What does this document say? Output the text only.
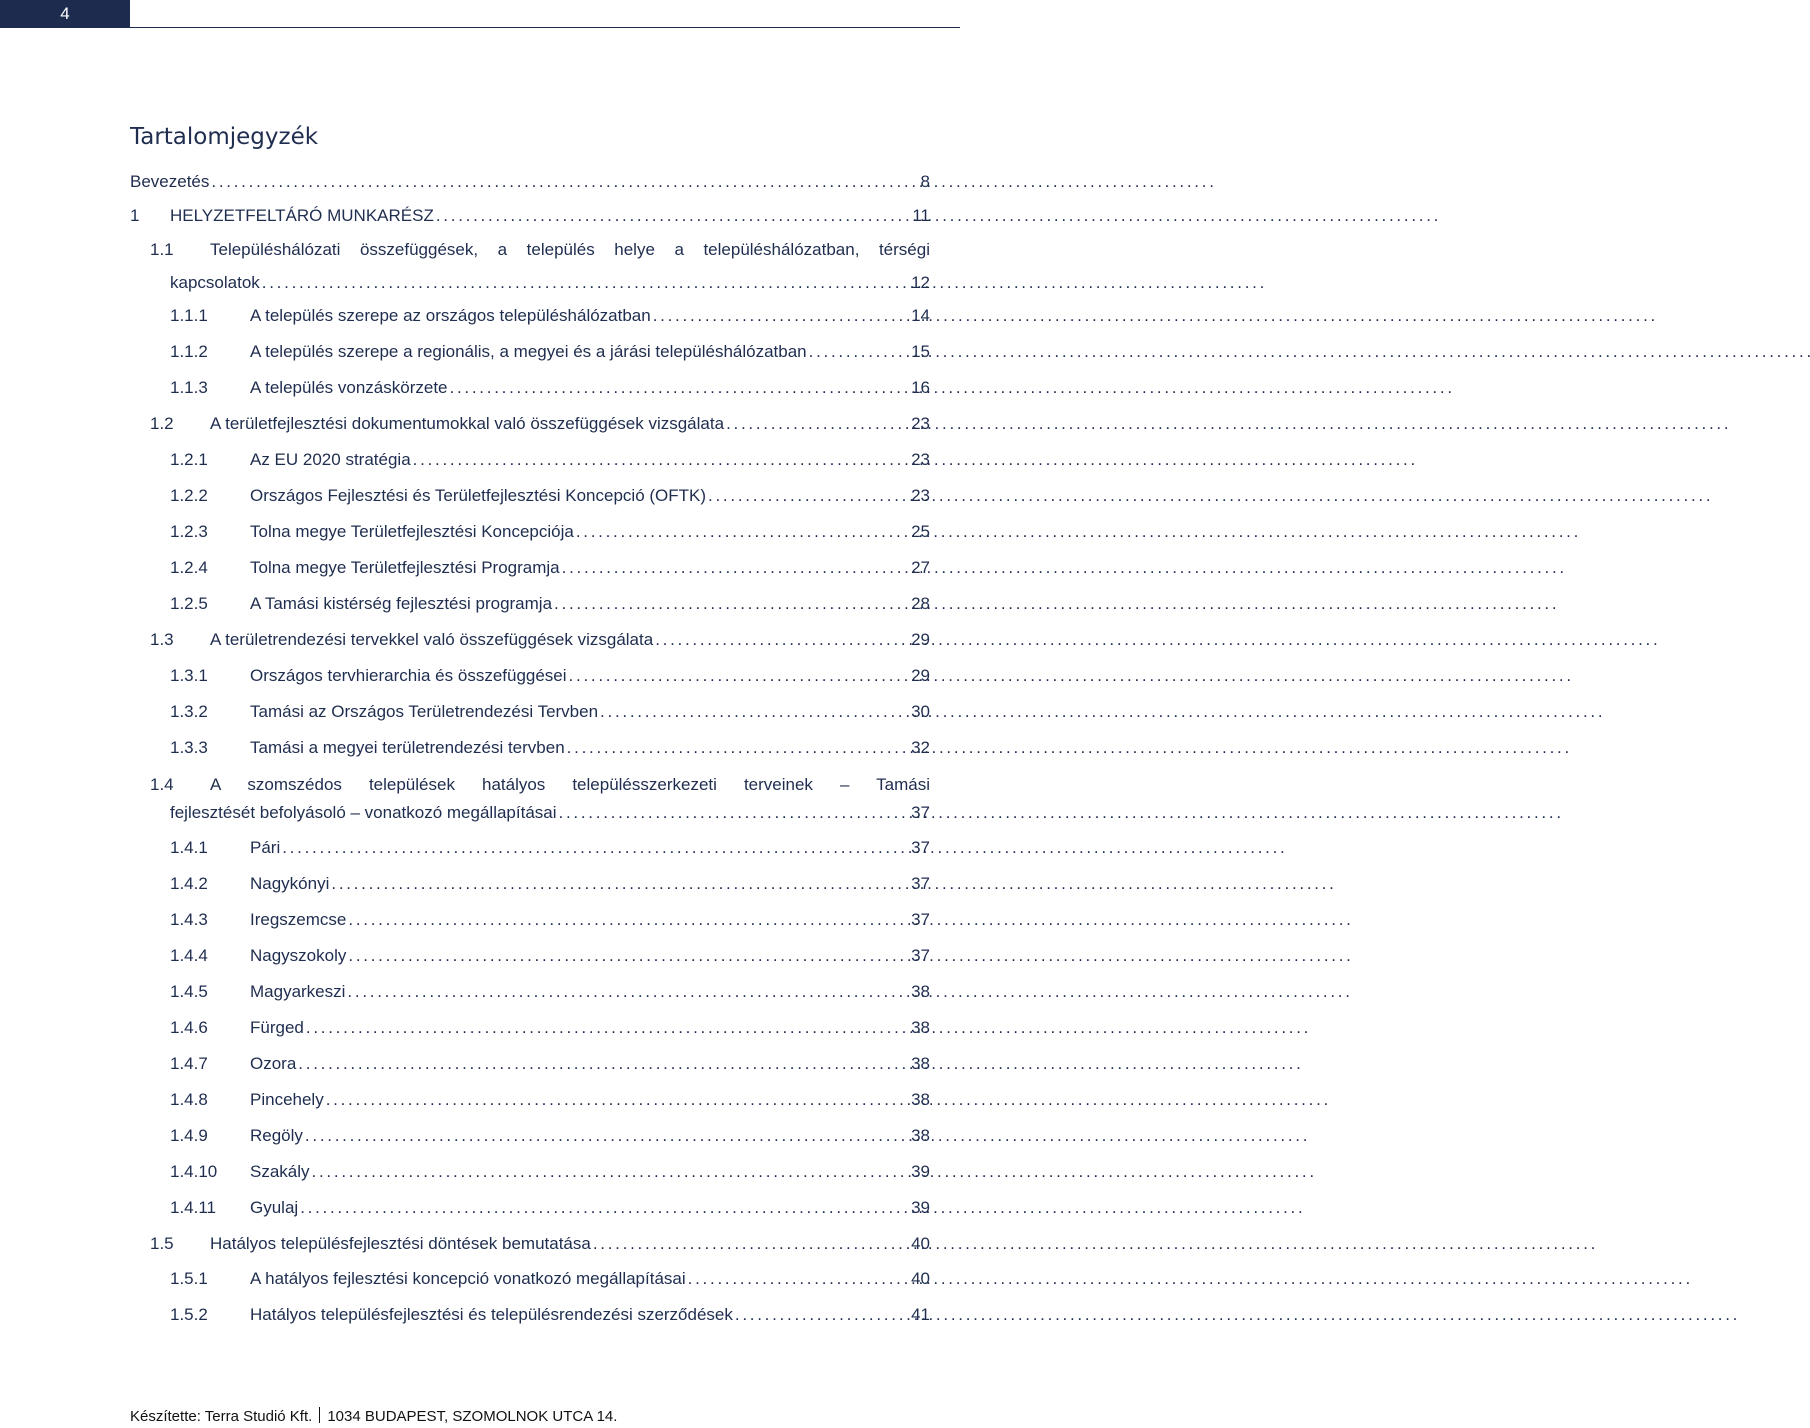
4
Tartalomjegyzék
Bevezetés . . .	8
1	HELYZETFELTÁRÓ MUNKARÉSZ . . .	11
1.1	Településhálózati összefüggések, a település helye a településhálózatban, térségi
kapcsolatok . . .	12
1.1.1	A település szerepe az országos településhálózatban . . .	14
1.1.2	A település szerepe a regionális, a megyei és a járási településhálózatban . . .	15
1.1.3	A település vonzáskörzete . . .	16
1.2	A területfejlesztési dokumentumokkal való összefüggések vizsgálata . . .	23
1.2.1	Az EU 2020 stratégia . . .	23
1.2.2	Országos Fejlesztési és Területfejlesztési Koncepció (OFTK) . . .	23
1.2.3	Tolna megye Területfejlesztési Koncepciója . . .	25
1.2.4	Tolna megye Területfejlesztési Programja . . .	27
1.2.5	A Tamási kistérség fejlesztési programja . . .	28
1.3	A területrendezési tervekkel való összefüggések vizsgálata . . .	29
1.3.1	Országos tervhierarchia és összefüggései . . .	29
1.3.2	Tamási az Országos Területrendezési Tervben . . .	30
1.3.3	Tamási a megyei területrendezési tervben . . .	32
1.4	A szomszédos települések hatályos településszerkezeti terveinek – Tamási
fejlesztését befolyásoló – vonatkozó megállapításai . . .	37
1.4.1	Pári . . .	37
1.4.2	Nagykónyi . . .	37
1.4.3	Iregszemcse . . .	37
1.4.4	Nagyszokoly . . .	37
1.4.5	Magyarkeszi . . .	38
1.4.6	Fürged . . .	38
1.4.7	Ozora . . .	38
1.4.8	Pincehely . . .	38
1.4.9	Regöly . . .	38
1.4.10	Szakály . . .	39
1.4.11	Gyulaj . . .	39
1.5	Hatályos településfejlesztési döntések bemutatása . . .	40
1.5.1	A hatályos fejlesztési koncepció vonatkozó megállapításai . . .	40
1.5.2	Hatályos településfejlesztési és településrendezési szerződések . . .	41
Készítette: Terra Studió Kft. 1034 BUDAPEST, SZOMOLNOK UTCA 14.
